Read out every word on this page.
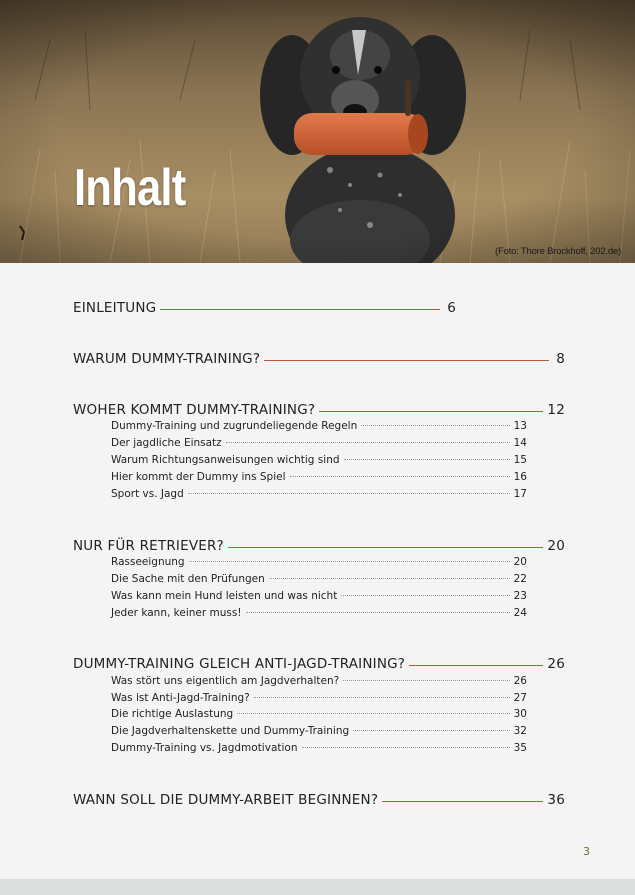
Inhalt
(Foto: Thore Brockhoff, 202.de)
EINLEITUNG	6
WARUM DUMMY-TRAINING?	8
WOHER KOMMT DUMMY-TRAINING?	12
Dummy-Training und zugrundeliegende Regeln	13
Der jagdliche Einsatz	14
Warum Richtungsanweisungen wichtig sind	15
Hier kommt der Dummy ins Spiel	16
Sport vs. Jagd	17
NUR FÜR RETRIEVER?	20
Rasseeignung	20
Die Sache mit den Prüfungen	22
Was kann mein Hund leisten und was nicht	23
Jeder kann, keiner muss!	24
DUMMY-TRAINING GLEICH ANTI-JAGD-TRAINING?	26
Was stört uns eigentlich am Jagdverhalten?	26
Was ist Anti-Jagd-Training?	27
Die richtige Auslastung	30
Die Jagdverhaltenskette und Dummy-Training	32
Dummy-Training vs. Jagdmotivation	35
WANN SOLL DIE DUMMY-ARBEIT BEGINNEN?	36
3
